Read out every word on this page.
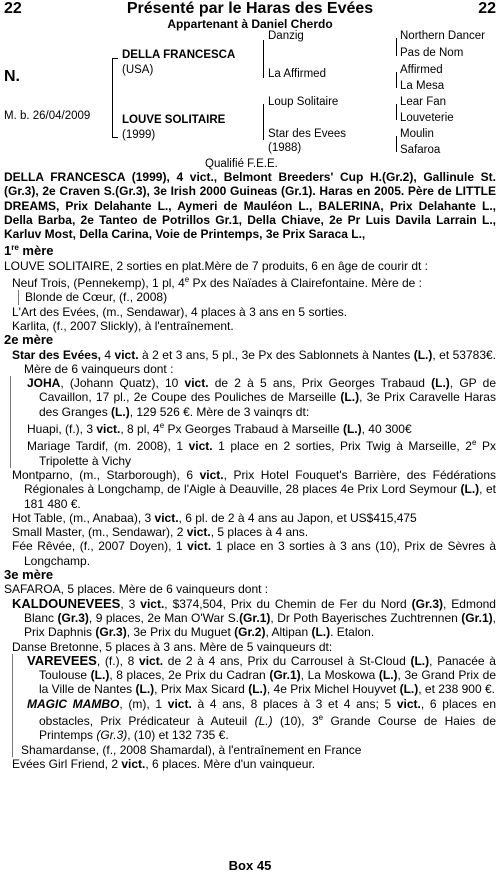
22	Présenté par le Haras des Evées	22
Appartenant à Daniel Cherdo
N.
M. b. 26/04/2009
DELLA FRANCESCA
(USA)
LOUVE SOLITAIRE
(1999)
Danzig
La Affirmed
Loup Solitaire
Star des Evees
(1988)
Northern Dancer
Pas de Nom
Affirmed
La Mesa
Lear Fan
Louveterie
Moulin
Safaroa
Qualifié F.E.E.

DELLA FRANCESCA (1999), 4 vict., Belmont Breeders' Cup H.(Gr.2), Gallinule St.(Gr.3), 2e Craven S.(Gr.3), 3e Irish 2000 Guineas (Gr.1). Haras en 2005. Père de LITTLE DREAMS, Prix Delahante L., Aymeri de Mauléon L., BALERINA, Prix Delahante L., Della Barba, 2e Tanteo de Potrillos Gr.1, Della Chiave, 2e Pr Luis Davila Larrain L., Karluv Most, Della Carina, Voie de Printemps, 3e Prix Saraca L.,

1re mère

LOUVE SOLITAIRE, 2 sorties en plat.Mère de 7 produits, 6 en âge de courir dt :

Neuf Trois, (Pennekemp), 1 pl, 4e Px des Naïades à Clairefontaine. Mère de :

Blonde de Cœur, (f., 2008)

L'Art des Evées, (m., Sendawar), 4 places à 3 ans en 5 sorties.

Karlita, (f., 2007 Slickly), à l'entraînement.

2e mère

Star des Evées, 4 vict. à 2 et 3 ans, 5 pl., 3e Px des Sablonnets à Nantes (L.), et 53783€. Mère de 6 vainqueurs dont :

JOHA, (Johann Quatz), 10 vict. de 2 à 5 ans, Prix Georges Trabaud (L.), GP de Cavaillon, 17 pl., 2e Coupe des Pouliches de Marseille (L.), 3e Prix Caravelle Haras des Granges (L.), 129 526 €. Mère de 3 vainqrs dt:

Huapi, (f.), 3 vict., 8 pl, 4e Px Georges Trabaud à Marseille (L.), 40 300€

Mariage Tardif, (m. 2008), 1 vict. 1 place en 2 sorties, Prix Twig à Marseille, 2e Px Tripolette à Vichy

Montparno, (m., Starborough), 6 vict., Prix Hotel Fouquet's Barrière, des Fédérations Régionales à Longchamp, de l'Aigle à Deauville, 28 places 4e Prix Lord Seymour (L.), et 181 480 €.

Hot Table, (m., Anabaa), 3 vict., 6 pl. de 2 à 4 ans au Japon, et US$415,475

Small Master, (m., Sendawar), 2 vict., 5 places à 4 ans.

Fée Rêvée, (f., 2007 Doyen), 1 vict. 1 place en 3 sorties à 3 ans (10), Prix de Sèvres à Longchamp.

3e mère

SAFAROA, 5 places. Mère de 6 vainqueurs dont :

KALDOUNEVEES, 3 vict., $374,504, Prix du Chemin de Fer du Nord (Gr.3), Edmond Blanc (Gr.3), 9 places, 2e Man O'War S.(Gr.1), Dr Poth Bayerisches Zuchtrennen (Gr.1), Prix Daphnis (Gr.3), 3e Prix du Muguet (Gr.2), Altipan (L.). Etalon.

Danse Bretonne, 5 places à 3 ans. Mère de 5 vainqueurs dt:

VAREVEES, (f.), 8 vict. de 2 à 4 ans, Prix du Carrousel à St-Cloud (L.), Panacée à Toulouse (L.), 8 places, 2e Prix du Cadran (Gr.1), La Moskowa (L.), 3e Grand Prix de la Ville de Nantes (L.), Prix Max Sicard (L.), 4e Prix Michel Houyvet (L.), et 238 900 €.

MAGIC MAMBO, (m), 1 vict. à 4 ans, 8 places à 3 et 4 ans; 5 vict., 6 places en obstacles, Prix Prédicateur à Auteuil (L.) (10), 3e Grande Course de Haies de Printemps (Gr.3), (10) et 132 735 €.

Shamardanse, (f., 2008 Shamardal), à l'entraînement en France

Evées Girl Friend, 2 vict., 6 places. Mère d'un vainqueur.

Box 45
